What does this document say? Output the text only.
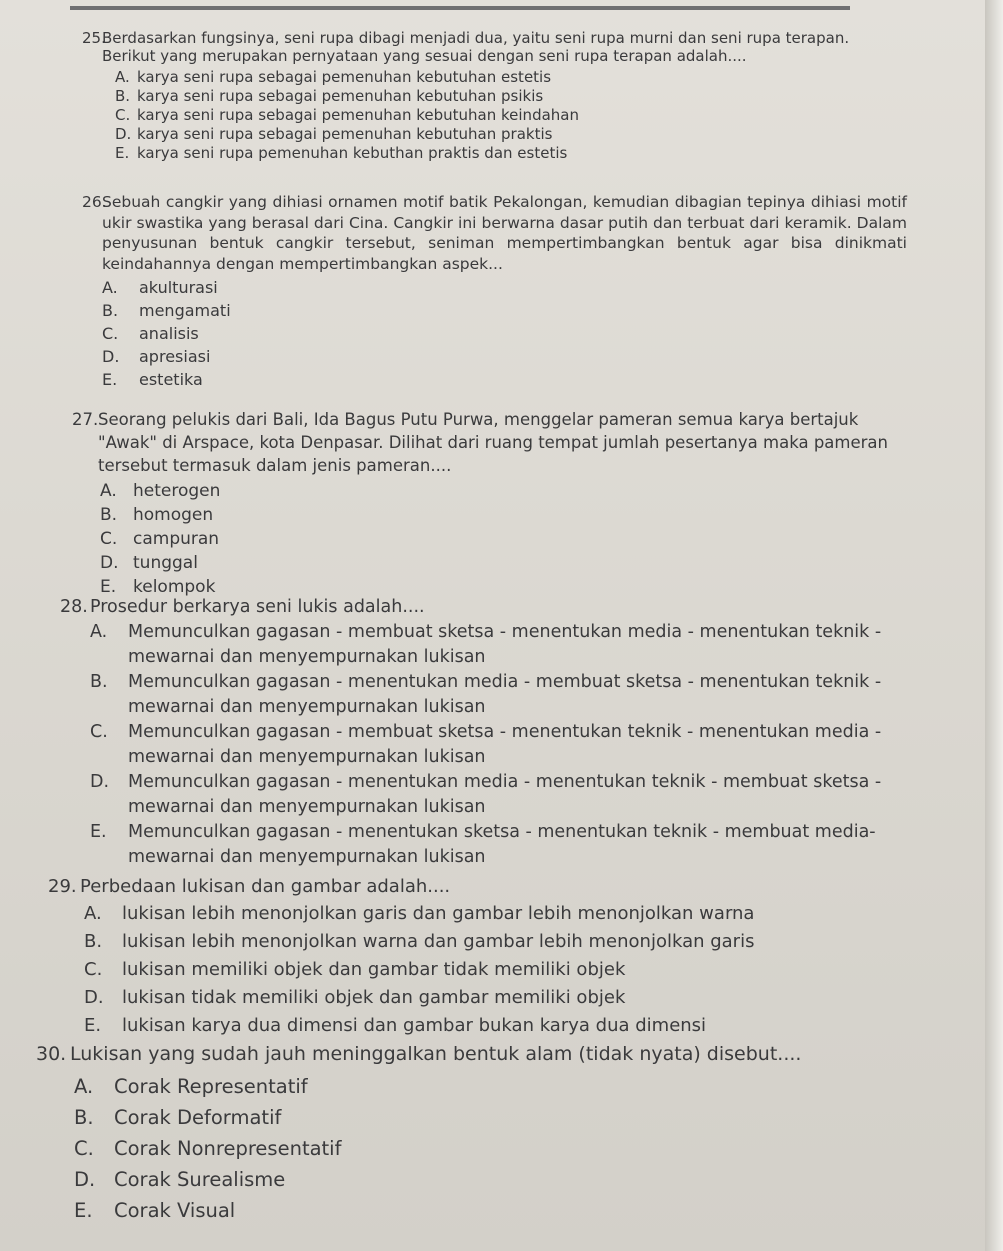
25.
Berdasarkan fungsinya, seni rupa dibagi menjadi dua, yaitu seni rupa murni dan seni rupa terapan. Berikut yang merupakan pernyataan yang sesuai dengan seni rupa terapan adalah....
A. karya seni rupa sebagai pemenuhan kebutuhan estetis
B. karya seni rupa sebagai pemenuhan kebutuhan psikis
C. karya seni rupa sebagai pemenuhan kebutuhan keindahan
D. karya seni rupa sebagai pemenuhan kebutuhan praktis
E. karya seni rupa pemenuhan kebuthan praktis dan estetis
26.
Sebuah cangkir yang dihiasi ornamen motif batik Pekalongan, kemudian dibagian tepinya dihiasi motif ukir swastika yang berasal dari Cina. Cangkir ini berwarna dasar putih dan terbuat dari keramik. Dalam penyusunan bentuk cangkir tersebut, seniman mempertimbangkan bentuk agar bisa dinikmati keindahannya dengan mempertimbangkan aspek...
A.	akulturasi
B.	mengamati
C.	analisis
D.	apresiasi
E.	estetika
27. Seorang pelukis dari Bali, Ida Bagus Putu Purwa, menggelar pameran semua karya bertajuk "Awak" di Arspace, kota Denpasar. Dilihat dari ruang tempat jumlah pesertanya maka pameran tersebut termasuk dalam jenis pameran....
A. heterogen
B. homogen
C. campuran
D. tunggal
E. kelompok
28. Prosedur berkarya seni lukis adalah....
A.	Memunculkan gagasan - membuat sketsa - menentukan media - menentukan teknik - mewarnai dan menyempurnakan lukisan
B.	Memunculkan gagasan - menentukan media - membuat sketsa - menentukan teknik - mewarnai dan menyempurnakan lukisan
C.	Memunculkan gagasan - membuat sketsa - menentukan teknik - menentukan media - mewarnai dan menyempurnakan lukisan
D.	Memunculkan gagasan - menentukan media - menentukan teknik - membuat sketsa - mewarnai dan menyempurnakan lukisan
E.	Memunculkan gagasan - menentukan sketsa - menentukan teknik - membuat media- mewarnai dan menyempurnakan lukisan
29. Perbedaan lukisan dan gambar adalah....
A.	lukisan lebih menonjolkan garis dan gambar lebih menonjolkan warna
B.	lukisan lebih menonjolkan warna dan gambar lebih menonjolkan garis
C.	lukisan memiliki objek dan gambar tidak memiliki objek
D.	lukisan tidak memiliki objek dan gambar memiliki objek
E.	lukisan karya dua dimensi dan gambar bukan karya dua dimensi
30. Lukisan yang sudah jauh meninggalkan bentuk alam (tidak nyata) disebut....
A.	Corak Representatif
B.	Corak Deformatif
C.	Corak Nonrepresentatif
D. Corak Surealisme
E.	Corak Visual
